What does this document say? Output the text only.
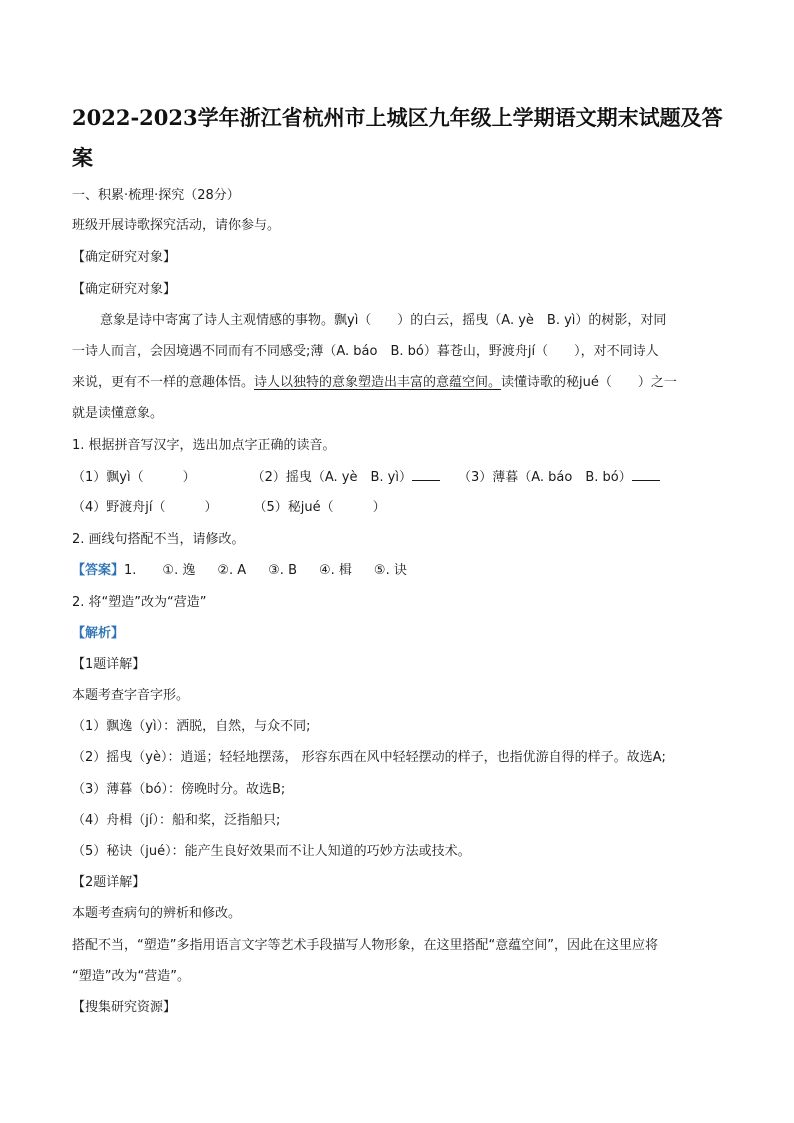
2022-2023学年浙江省杭州市上城区九年级上学期语文期末试题及答案
一、积累·梳理·探究（28分）
班级开展诗歌探究活动，请你参与。
【确定研究对象】
【确定研究对象】
意象是诗中寄寓了诗人主观情感的事物。飘yì（　　）的白云，摇曳（A. yè　B. yì）的树影，对同
一诗人而言，会因境遇不同而有不同感受;薄（A. báo　B. bó）暮苍山，野渡舟jí（　　），对不同诗人
来说，更有不一样的意趣体悟。诗人以独特的意象塑造出丰富的意蕴空间。读懂诗歌的秘jué（　　）之一
就是读懂意象。
1. 根据拼音写汉字，选出加点字正确的读音。
（1）飘yì（　　　）	（2）摇曳（A. yè　B. yì）	（3）薄暮（A. báo　B. bó）
（4）野渡舟jí（　　　）	（5）秘jué（　　　）
2. 画线句搭配不当，请修改。
【答案】1. ①. 逸 ②. A ③. B ④. 楫 ⑤. 诀
2. 将“塑造”改为“营造”
【解析】
【1题详解】
本题考查字音字形。
（1）飘逸（yì）：洒脱，自然，与众不同;
（2）摇曳（yè）：逍遥；轻轻地摆荡， 形容东西在风中轻轻摆动的样子，也指优游自得的样子。故选A;
（3）薄暮（bó）：傍晚时分。故选B;
（4）舟楫（jí）：船和桨，泛指船只;
（5）秘诀（jué）：能产生良好效果而不让人知道的巧妙方法或技术。
【2题详解】
本题考查病句的辨析和修改。
搭配不当，“塑造”多指用语言文字等艺术手段描写人物形象，在这里搭配“意蕴空间”，因此在这里应将
“塑造”改为“营造”。
【搜集研究资源】
